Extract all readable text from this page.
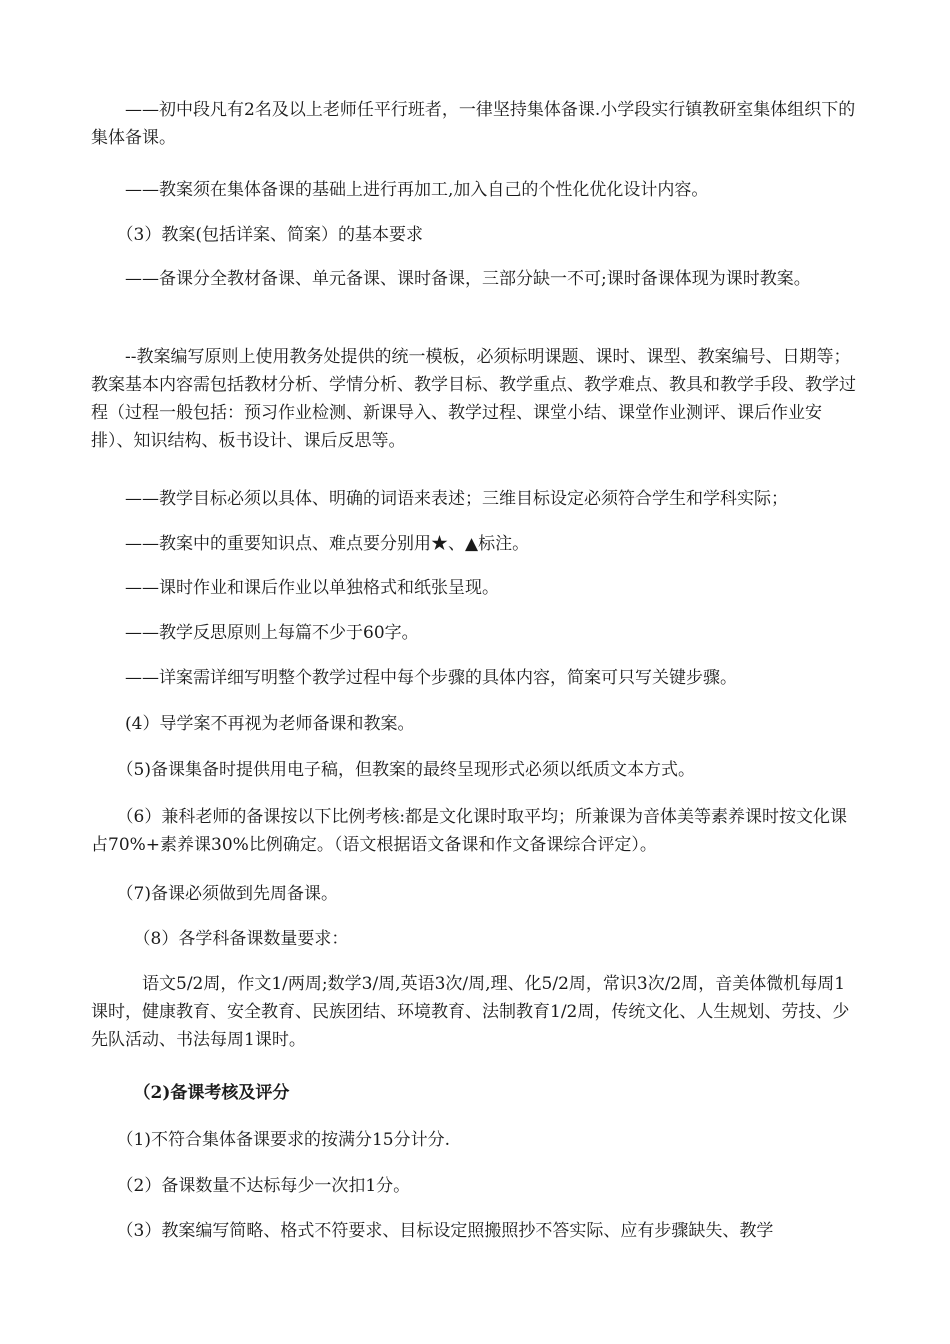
　　——初中段凡有2名及以上老师任平行班者，一律坚持集体备课.小学段实行镇教研室集体组织下的集体备课。

　　——教案须在集体备课的基础上进行再加工,加入自己的个性化优化设计内容。

　　（3）教案(包括详案、简案）的基本要求

　　——备课分全教材备课、单元备课、课时备课，三部分缺一不可;课时备课体现为课时教案。

　　--教案编写原则上使用教务处提供的统一模板，必须标明课题、课时、课型、教案编号、日期等；教案基本内容需包括教材分析、学情分析、教学目标、教学重点、教学难点、教具和教学手段、教学过程（过程一般包括：预习作业检测、新课导入、教学过程、课堂小结、课堂作业测评、课后作业安排）、知识结构、板书设计、课后反思等。

　　——教学目标必须以具体、明确的词语来表述；三维目标设定必须符合学生和学科实际；

　　——教案中的重要知识点、难点要分别用★、▲标注。

　　——课时作业和课后作业以单独格式和纸张呈现。

　　——教学反思原则上每篇不少于60字。

　　——详案需详细写明整个教学过程中每个步骤的具体内容，简案可只写关键步骤。

　　(4）导学案不再视为老师备课和教案。

　　（5)备课集备时提供用电子稿，但教案的最终呈现形式必须以纸质文本方式。

　　（6）兼科老师的备课按以下比例考核:都是文化课时取平均；所兼课为音体美等素养课时按文化课占70%+素养课30%比例确定。（语文根据语文备课和作文备课综合评定）。

　　（7)备课必须做到先周备课。

　　　（8）各学科备课数量要求：

　　　语文5/2周，作文1/两周;数学3/周,英语3次/周,理、化5/2周，常识3次/2周，音美体微机每周1课时，健康教育、安全教育、民族团结、环境教育、法制教育1/2周，传统文化、人生规划、劳技、少先队活动、书法每周1课时。

　　　（2)备课考核及评分

　　（1)不符合集体备课要求的按满分15分计分.

　　（2）备课数量不达标每少一次扣1分。

　　（3）教案编写简略、格式不符要求、目标设定照搬照抄不答实际、应有步骤缺失、教学
